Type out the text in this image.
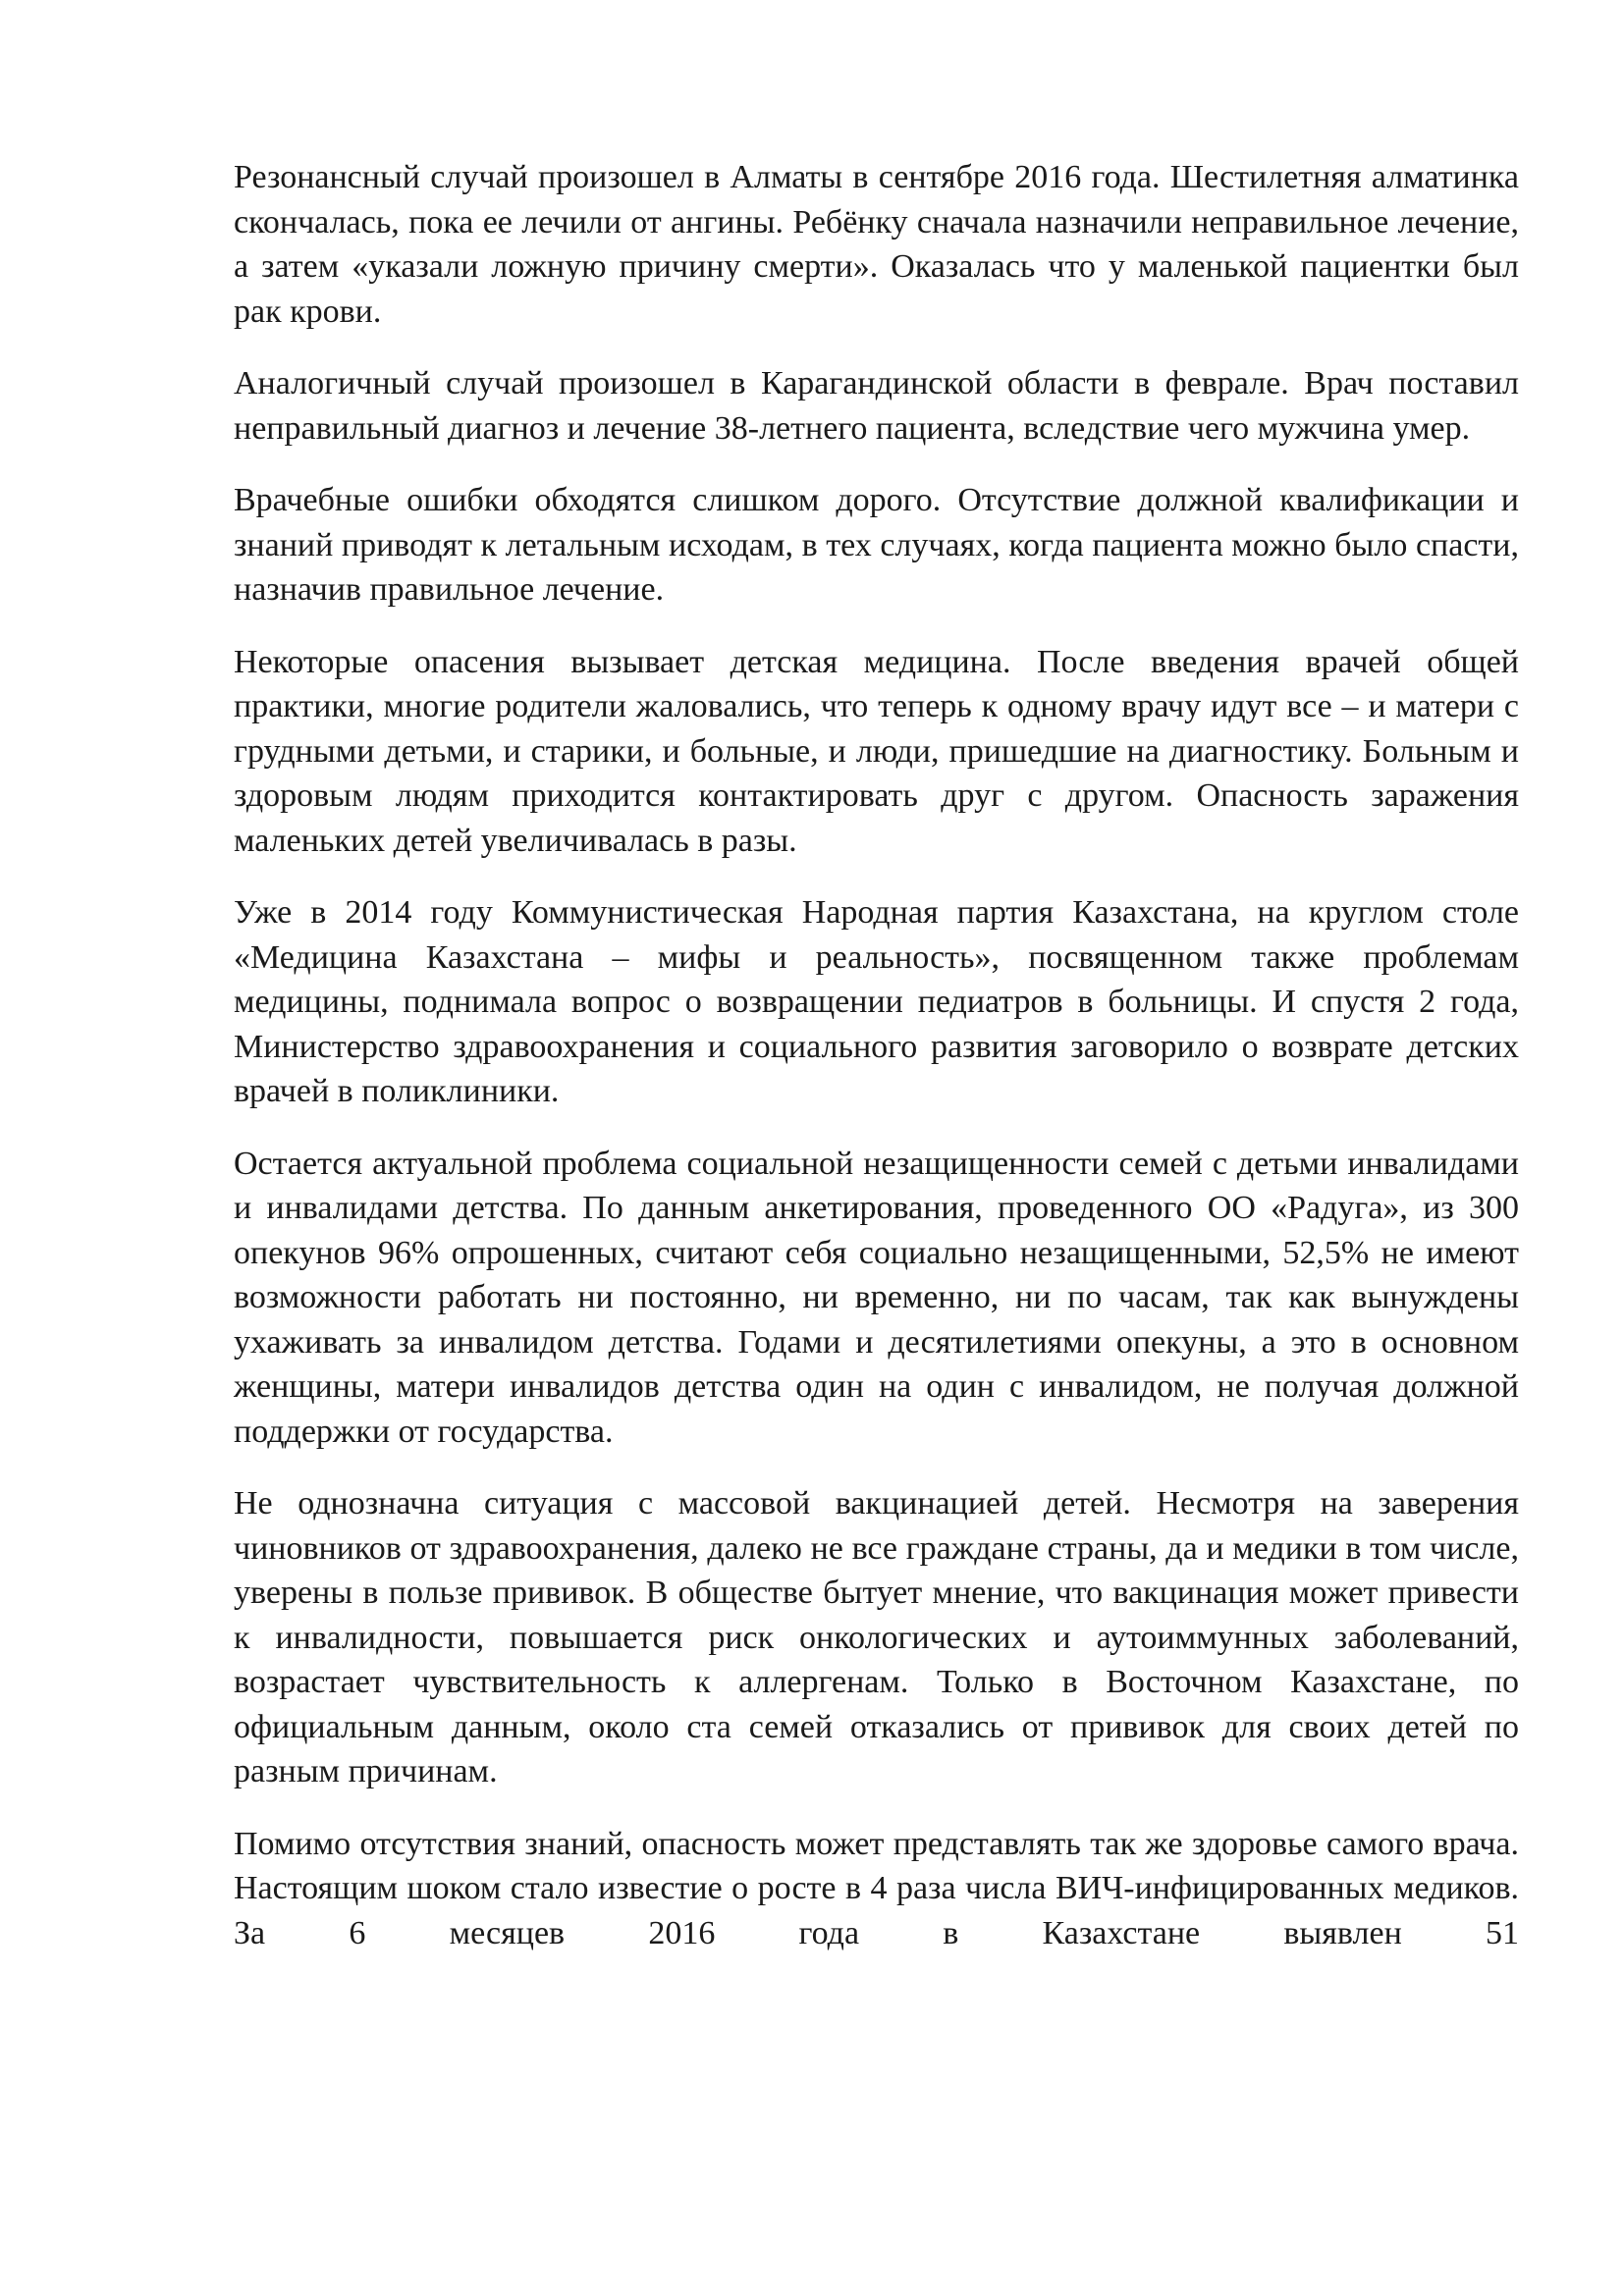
Резонансный случай произошел в Алматы в сентябре 2016 года. Шестилетняя алматинка скончалась, пока ее лечили от ангины. Ребёнку сначала назначили неправильное лечение, а затем «указали ложную причину смерти». Оказалась что у маленькой пациентки был рак крови.

Аналогичный случай произошел в Карагандинской области в феврале. Врач поставил неправильный диагноз и лечение 38-летнего пациента, вследствие чего мужчина умер.

Врачебные ошибки обходятся слишком дорого. Отсутствие должной квалификации и знаний приводят к летальным исходам, в тех случаях, когда пациента можно было спасти, назначив правильное лечение.

Некоторые опасения вызывает детская медицина. После введения врачей общей практики, многие родители жаловались, что теперь к одному врачу идут все – и матери с грудными детьми, и старики, и больные, и люди, пришедшие на диагностику. Больным и здоровым людям приходится контактировать друг с другом. Опасность заражения маленьких детей увеличивалась в разы.

Уже в 2014 году Коммунистическая Народная партия Казахстана, на круглом столе «Медицина Казахстана – мифы и реальность», посвященном также проблемам медицины, поднимала вопрос о возвращении педиатров в больницы. И спустя 2 года, Министерство здравоохранения и социального развития заговорило о возврате детских врачей в поликлиники.

Остается актуальной проблема социальной незащищенности семей с детьми инвалидами и инвалидами детства. По данным анкетирования, проведенного ОО «Радуга», из 300 опекунов 96% опрошенных, считают себя социально незащищенными, 52,5% не имеют возможности работать ни постоянно, ни временно, ни по часам, так как вынуждены ухаживать за инвалидом детства. Годами и десятилетиями опекуны, а это в основном женщины, матери инвалидов детства один на один с инвалидом, не получая должной поддержки от государства.

Не однозначна ситуация с массовой вакцинацией детей. Несмотря на заверения чиновников от здравоохранения, далеко не все граждане страны, да и медики в том числе, уверены в пользе прививок. В обществе бытует мнение, что вакцинация может привести к инвалидности, повышается риск онкологических и аутоиммунных заболеваний, возрастает чувствительность к аллергенам. Только в Восточном Казахстане, по официальным данным, около ста семей отказались от прививок для своих детей по разным причинам.

Помимо отсутствия знаний, опасность может представлять так же здоровье самого врача. Настоящим шоком стало известие о росте в 4 раза числа ВИЧ-инфицированных медиков. За 6 месяцев 2016 года в Казахстане выявлен 51
